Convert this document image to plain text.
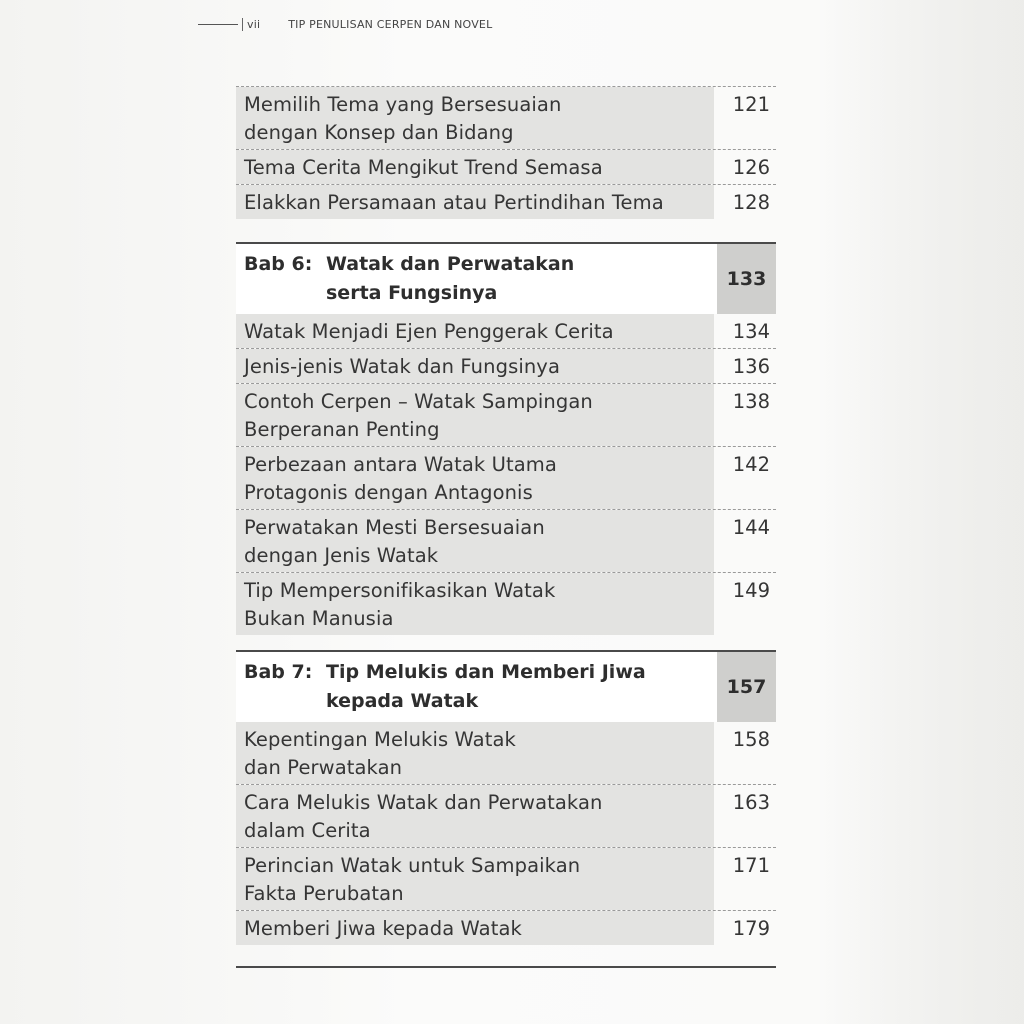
vii	TIP PENULISAN CERPEN DAN NOVEL
Memilih Tema yang Bersesuaian
dengan Konsep dan Bidang
121
Tema Cerita Mengikut Trend Semasa	126
Elakkan Persamaan atau Pertindihan Tema	128
Bab 6: Watak dan Perwatakan
serta Fungsinya
133
Watak Menjadi Ejen Penggerak Cerita	134
Jenis-jenis Watak dan Fungsinya	136
Contoh Cerpen – Watak Sampingan
Berperanan Penting
138
Perbezaan antara Watak Utama
Protagonis dengan Antagonis
142
Perwatakan Mesti Bersesuaian
dengan Jenis Watak
144
Tip Mempersonifikasikan Watak
Bukan Manusia
149
Bab 7: Tip Melukis dan Memberi Jiwa
kepada Watak
157
Kepentingan Melukis Watak
dan Perwatakan
158
Cara Melukis Watak dan Perwatakan
dalam Cerita
163
Perincian Watak untuk Sampaikan
Fakta Perubatan
171
Memberi Jiwa kepada Watak	179
